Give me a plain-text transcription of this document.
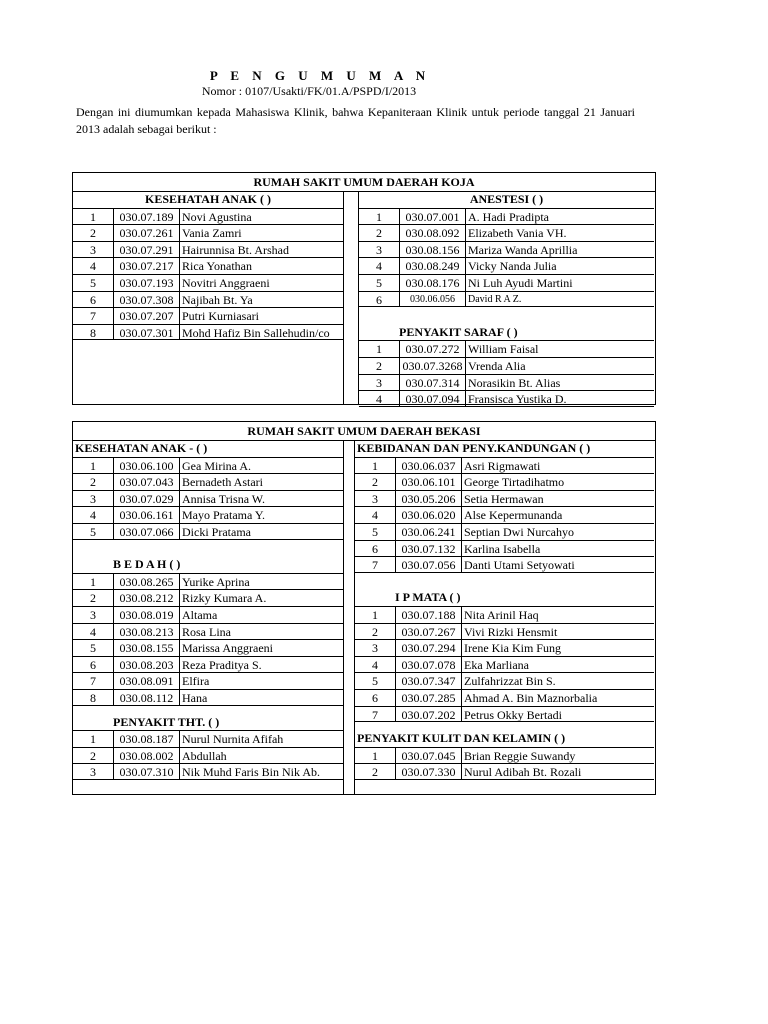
P E N G U M U M A N
Nomor : 0107/Usakti/FK/01.A/PSPD/I/2013
Dengan ini diumumkan kepada Mahasiswa Klinik, bahwa Kepaniteraan Klinik untuk periode tanggal 21 Januari 2013 adalah sebagai berikut :
RUMAH SAKIT UMUM DAERAH KOJA
KESEHATAH ANAK ( )
1	030.07.189 Novi Agustina
2	030.07.261 Vania Zamri
3	030.07.291 Hairunnisa Bt. Arshad
4	030.07.217 Rica Yonathan
5	030.07.193 Novitri Anggraeni
6	030.07.308 Najibah Bt. Ya
7	030.07.207 Putri Kurniasari
8	030.07.301 Mohd Hafiz Bin Sallehudin/co
ANESTESI ( )
1	030.07.001 A. Hadi Pradipta
2	030.08.092 Elizabeth Vania VH.
3	030.08.156 Mariza Wanda Aprillia
4	030.08.249 Vicky Nanda Julia
5	030.08.176 Ni Luh Ayudi Martini
6	030.06.056	David R A Z.
PENYAKIT SARAF ( )
1	030.07.272 William Faisal
2	030.07.3268 Vrenda Alia
3	030.07.314 Norasikin Bt. Alias
4	030.07.094 Fransisca Yustika D.
RUMAH SAKIT UMUM DAERAH BEKASI
KESEHATAN ANAK - ( )
1	030.06.100 Gea Mirina A.
2	030.07.043 Bernadeth Astari
3	030.07.029 Annisa Trisna W.
4	030.06.161 Mayo Pratama Y.
5	030.07.066 Dicki Pratama
B E D A H ( )
1	030.08.265 Yurike Aprina
2	030.08.212 Rizky Kumara A.
3	030.08.019 Altama
4	030.08.213 Rosa Lina
5	030.08.155 Marissa Anggraeni
6	030.08.203 Reza Praditya S.
7	030.08.091 Elfira
8	030.08.112 Hana
PENYAKIT THT. ( )
1	030.08.187 Nurul Nurnita Afifah
2	030.08.002 Abdullah
3	030.07.310 Nik Muhd Faris Bin Nik Ab.
KEBIDANAN DAN PENY.KANDUNGAN ( )
1	030.06.037 Asri Rigmawati
2	030.06.101 George Tirtadihatmo
3	030.05.206 Setia Hermawan
4	030.06.020 Alse Kepermunanda
5	030.06.241 Septian Dwi Nurcahyo
6	030.07.132 Karlina Isabella
7	030.07.056 Danti Utami Setyowati
I P MATA ( )
1	030.07.188 Nita Arinil Haq
2	030.07.267 Vivi Rizki Hensmit
3	030.07.294 Irene Kia Kim Fung
4	030.07.078 Eka Marliana
5	030.07.347 Zulfahrizzat Bin S.
6	030.07.285 Ahmad A. Bin Maznorbalia
7	030.07.202 Petrus Okky Bertadi
PENYAKIT KULIT DAN KELAMIN ( )
1	030.07.045 Brian Reggie Suwandy
2	030.07.330 Nurul Adibah Bt. Rozali
